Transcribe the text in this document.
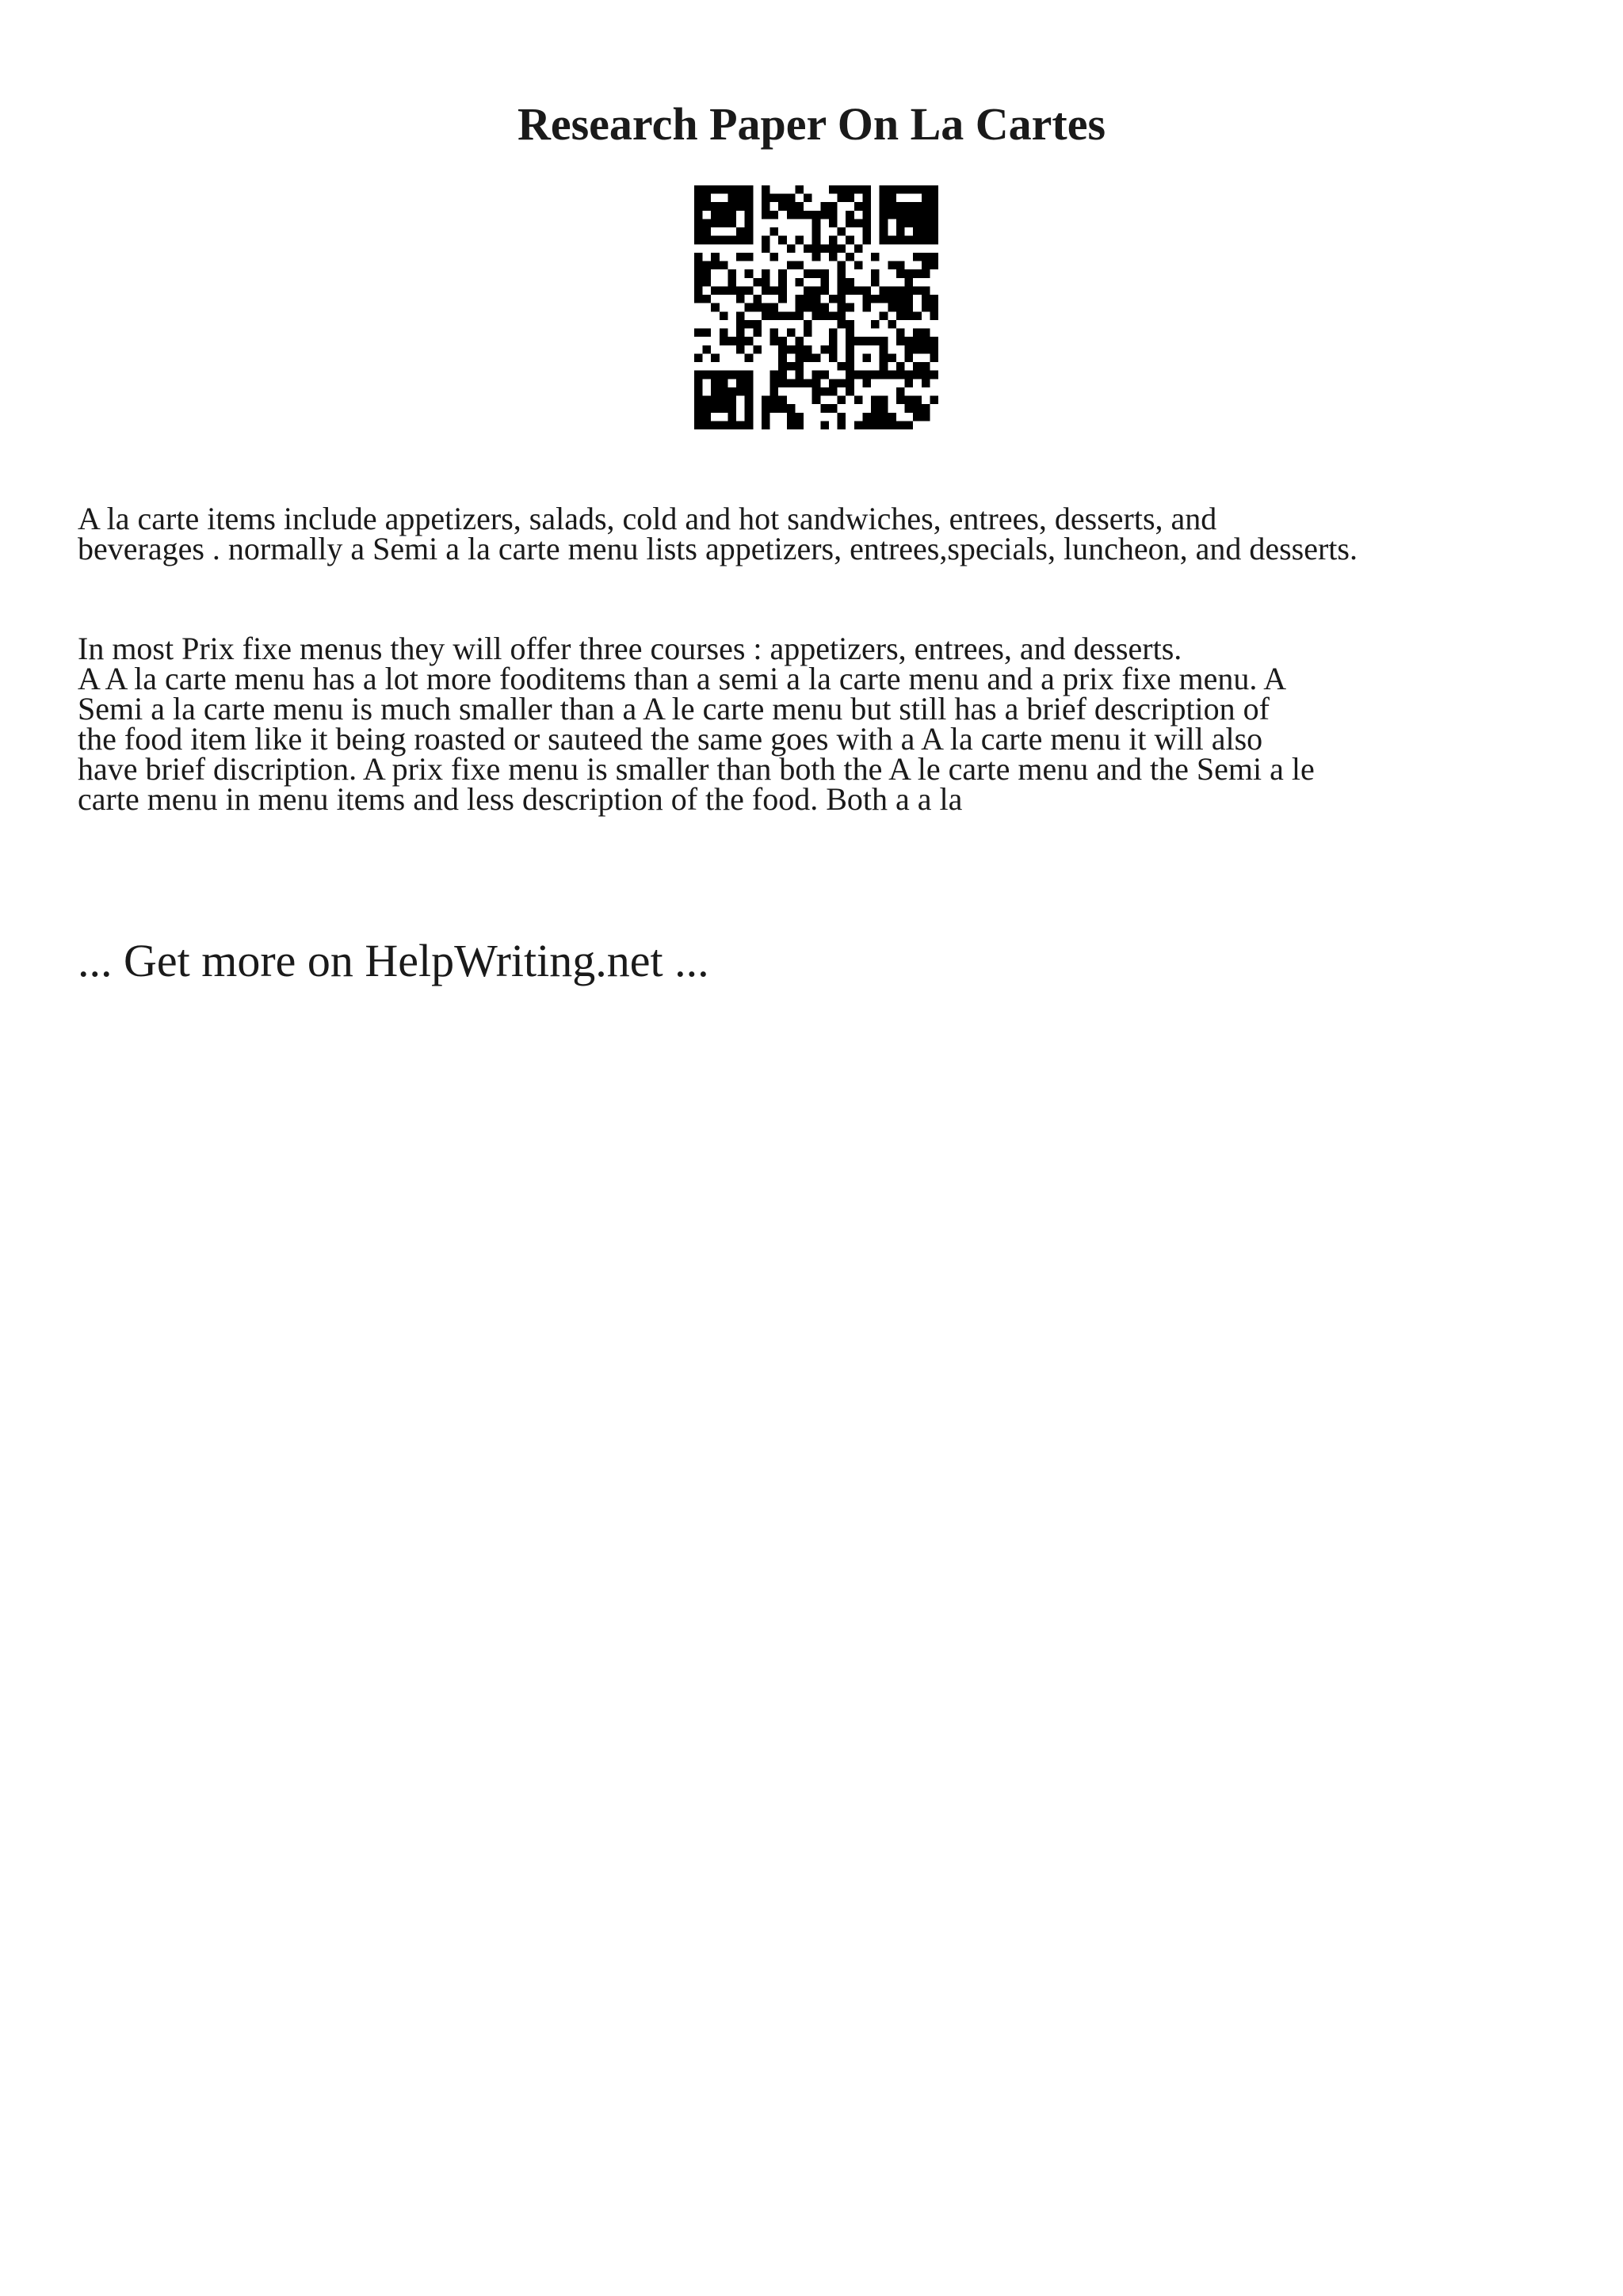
Research Paper On La Cartes

A la carte items include appetizers, salads, cold and hot sandwiches, entrees, desserts, and
beverages . normally a Semi a la carte menu lists appetizers, entrees,specials, luncheon, and desserts.

In most Prix fixe menus they will offer three courses : appetizers, entrees, and desserts.
A A la carte menu has a lot more fooditems than a semi a la carte menu and a prix fixe menu. A
Semi a la carte menu is much smaller than a A le carte menu but still has a brief description of
the food item like it being roasted or sauteed the same goes with a A la carte menu it will also
have brief discription. A prix fixe menu is smaller than both the A le carte menu and the Semi a le
carte menu in menu items and less description of the food. Both a a la

... Get more on HelpWriting.net ...
